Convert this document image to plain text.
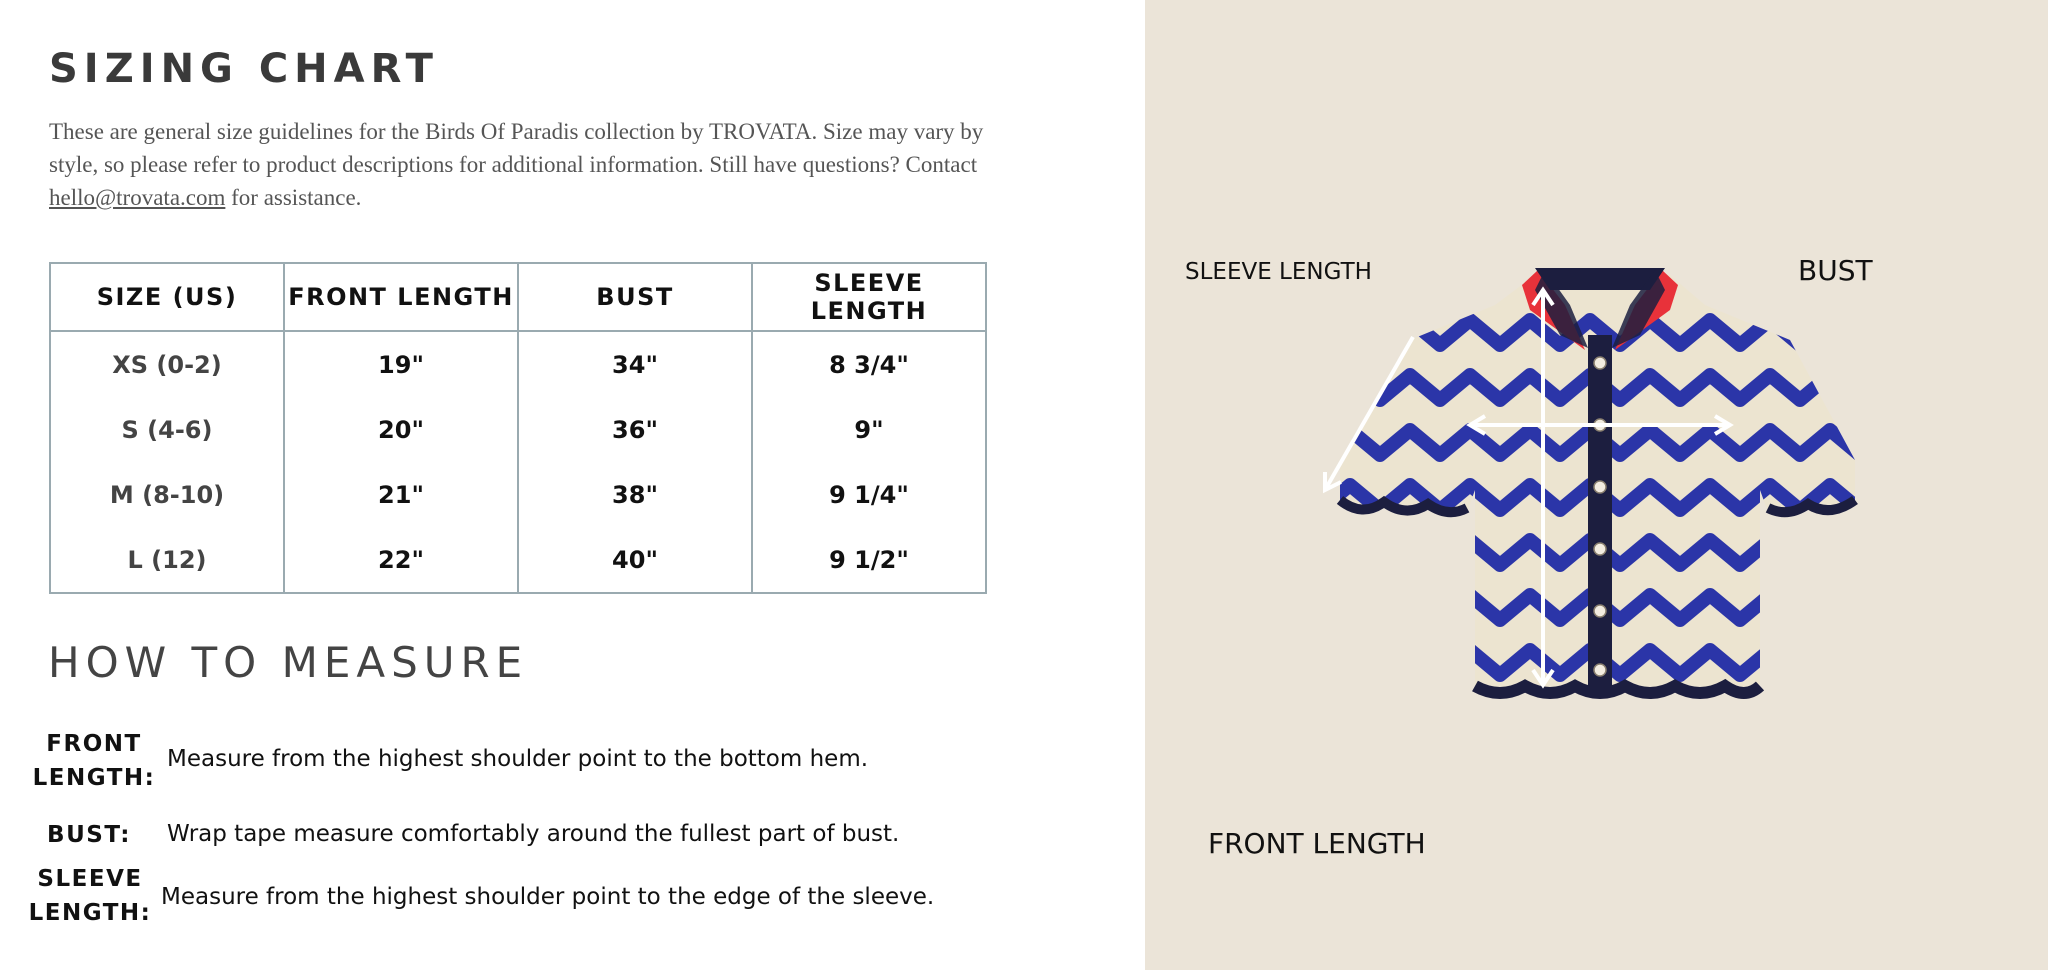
SIZING CHART

These are general size guidelines for the Birds Of Paradis collection by TROVATA. Size may vary by style, so please refer to product descriptions for additional information. Still have questions? Contact hello@trovata.com for assistance.

SIZE (US)	FRONT LENGTH	BUST	SLEEVE LENGTH
XS (0-2)	19"	34"	8 3/4"
S (4-6)	20"	36"	9"
M (8-10)	21"	38"	9 1/4"
L (12)	22"	40"	9 1/2"
HOW TO MEASURE
FRONT
LENGTH:
Measure from the highest shoulder point to the bottom hem.
BUST:	Wrap tape measure comfortably around the fullest part of bust.
SLEEVE
LENGTH:
Measure from the highest shoulder point to the edge of the sleeve.
SLEEVE LENGTH	BUST
FRONT LENGTH
